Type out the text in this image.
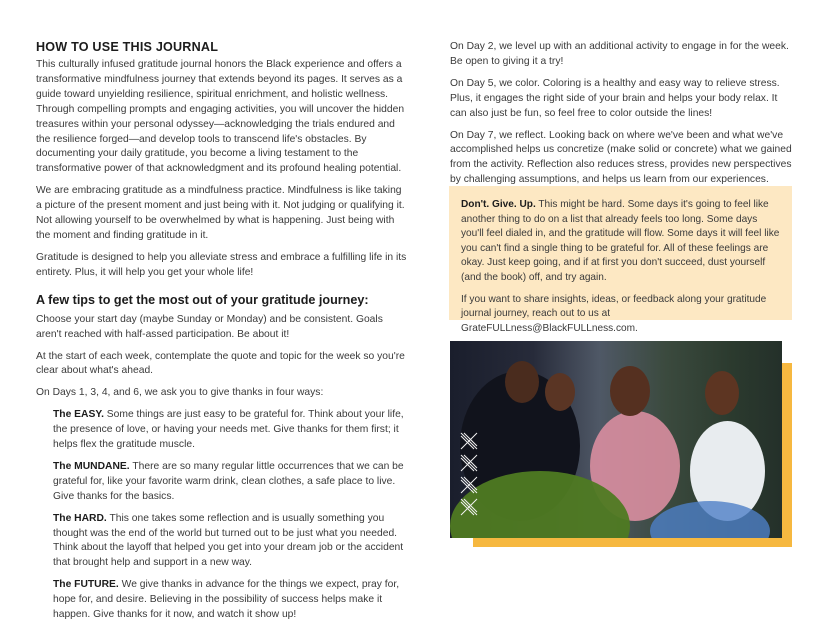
HOW TO USE THIS JOURNAL

This culturally infused gratitude journal honors the Black experience and offers a transformative mindfulness journey that extends beyond its pages. It serves as a guide toward unyielding resilience, spiritual enrichment, and holistic wellness. Through compelling prompts and engaging activities, you will uncover the hidden treasures within your personal odyssey—acknowledging the trials endured and the resilience forged—and develop tools to transcend life's obstacles. By documenting your daily gratitude, you become a living testament to the transformative power of that acknowledgment and its profound healing potential.

We are embracing gratitude as a mindfulness practice. Mindfulness is like taking a picture of the present moment and just being with it. Not judging or qualifying it. Not allowing yourself to be overwhelmed by what is happening. Just being with the moment and finding gratitude in it.

Gratitude is designed to help you alleviate stress and embrace a fulfilling life in its entirety. Plus, it will help you get your whole life!

A few tips to get the most out of your gratitude journey:

Choose your start day (maybe Sunday or Monday) and be consistent. Goals aren't reached with half-assed participation. Be about it!

At the start of each week, contemplate the quote and topic for the week so you're clear about what's ahead.

On Days 1, 3, 4, and 6, we ask you to give thanks in four ways:

The EASY. Some things are just easy to be grateful for. Think about your life, the presence of love, or having your needs met. Give thanks for them first; it helps flex the gratitude muscle.

The MUNDANE. There are so many regular little occurrences that we can be grateful for, like your favorite warm drink, clean clothes, a safe place to live. Give thanks for the basics.

The HARD. This one takes some reflection and is usually something you thought was the end of the world but turned out to be just what you needed. Think about the layoff that helped you get into your dream job or the accident that brought help and support in a new way.

The FUTURE. We give thanks in advance for the things we expect, pray for, hope for, and desire. Believing in the possibility of success helps make it happen. Give thanks for it now, and watch it show up!

On Day 2, we level up with an additional activity to engage in for the week. Be open to giving it a try!

On Day 5, we color. Coloring is a healthy and easy way to relieve stress. Plus, it engages the right side of your brain and helps your body relax. It can also just be fun, so feel free to color outside the lines!

On Day 7, we reflect. Looking back on where we've been and what we've accomplished helps us concretize (make solid or concrete) what we gained from the activity. Reflection also reduces stress, provides new perspectives by challenging assumptions, and helps us learn from our experiences.

Don't. Give. Up. This might be hard. Some days it's going to feel like another thing to do on a list that already feels too long. Some days you'll feel dialed in, and the gratitude will flow. Some days it will feel like you can't find a single thing to be grateful for. All of these feelings are okay. Just keep going, and if at first you don't succeed, dust yourself (and the book) off, and try again.

If you want to share insights, ideas, or feedback along your gratitude journal journey, reach out to us at GrateFULLness@BlackFULLness.com.
